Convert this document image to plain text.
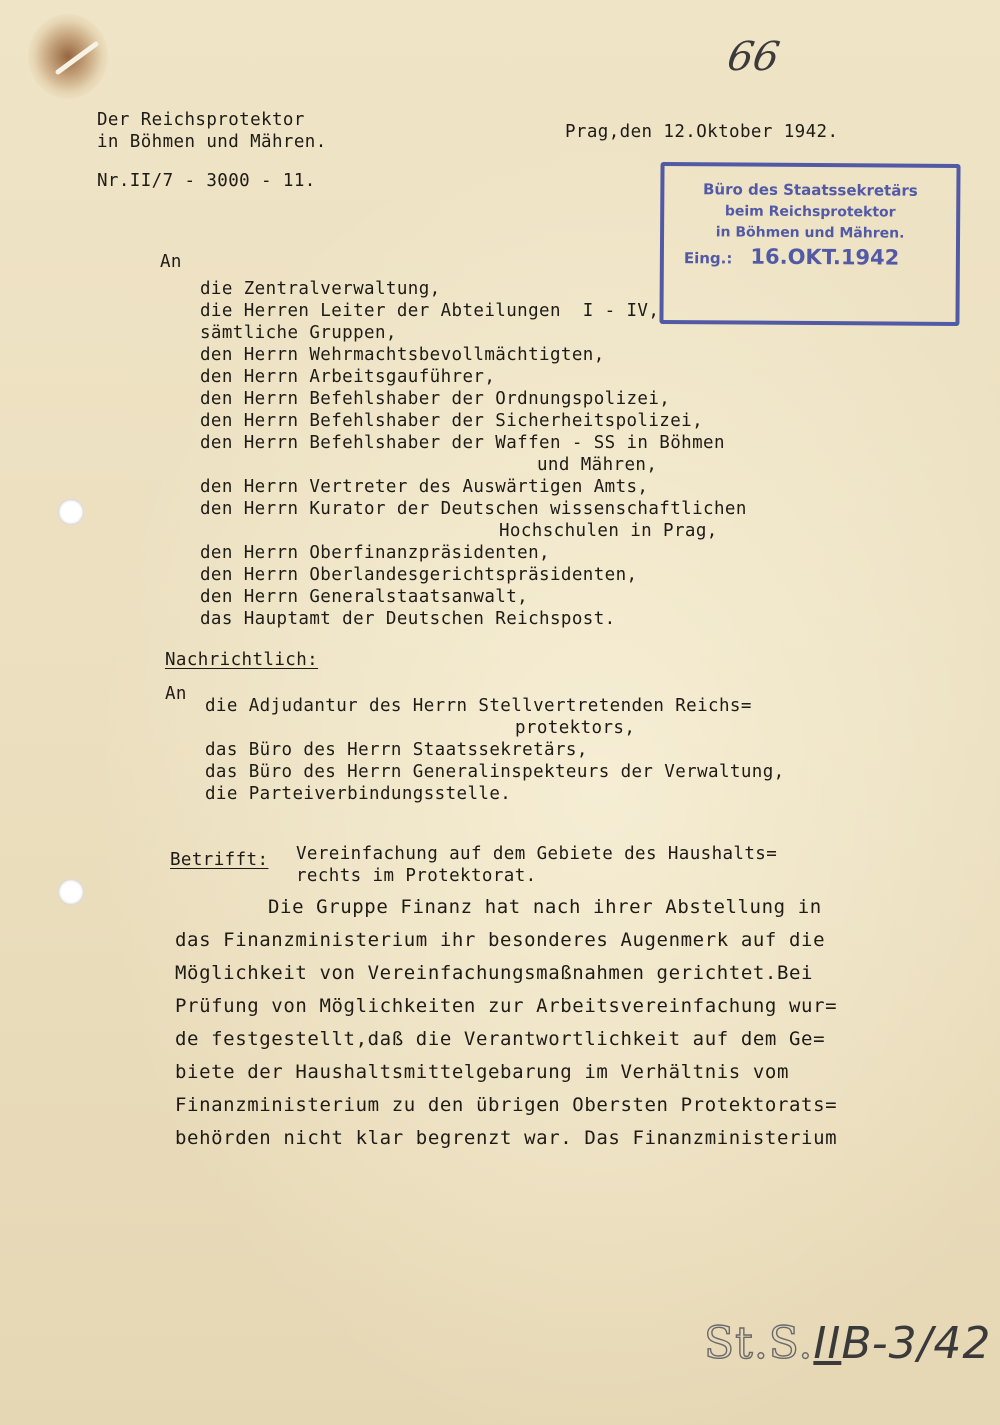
66
Der Reichsprotektor
in Böhmen und Mähren.	Prag,den 12.Oktober 1942.
Nr.II/7 - 3000 - 11.	Büro des Staatssekretärs
beim Reichsprotektor
in Böhmen und Mähren.
Eing.: 16.OKT.1942
An
die Zentralverwaltung,
die Herren Leiter der Abteilungen  I - IV,
sämtliche Gruppen,
den Herrn Wehrmachtsbevollmächtigten,
den Herrn Arbeitsgauführer,
den Herrn Befehlshaber der Ordnungspolizei,
den Herrn Befehlshaber der Sicherheitspolizei,
den Herrn Befehlshaber der Waffen - SS in Böhmen
und Mähren,
den Herrn Vertreter des Auswärtigen Amts,
den Herrn Kurator der Deutschen wissenschaftlichen
Hochschulen in Prag,
den Herrn Oberfinanzpräsidenten,
den Herrn Oberlandesgerichtspräsidenten,
den Herrn Generalstaatsanwalt,
das Hauptamt der Deutschen Reichspost.
Nachrichtlich:
An
die Adjudantur des Herrn Stellvertretenden Reichs=
protektors,
das Büro des Herrn Staatssekretärs,
das Büro des Herrn Generalinspekteurs der Verwaltung,
die Parteiverbindungsstelle.
Betrifft: Vereinfachung auf dem Gebiete des Haushalts=
rechts im Protektorat.
Die Gruppe Finanz hat nach ihrer Abstellung in
das Finanzministerium ihr besonderes Augenmerk auf die
Möglichkeit von Vereinfachungsmaßnahmen gerichtet.Bei
Prüfung von Möglichkeiten zur Arbeitsvereinfachung wur=
de festgestellt,daß die Verantwortlichkeit auf dem Ge=
biete der Haushaltsmittelgebarung im Verhältnis vom
Finanzministerium zu den übrigen Obersten Protektorats=
behörden nicht klar begrenzt war. Das Finanzministerium
St.S.IIB-3/42
